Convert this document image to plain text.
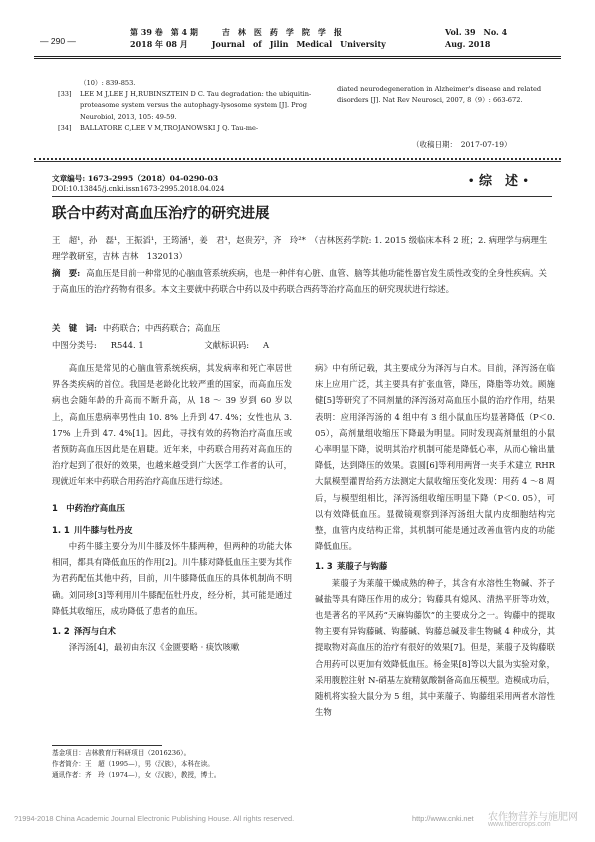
— 290 —
第 39 卷　第 4 期　　　	吉　林　医　药　学　院　学　报
2018 年 08 月　　　	Journal　of　Jilin　Medical　University
Vol. 39　No. 4
Aug. 2018
（10）: 839-853.
[33] LEE M J,LEE J H,RUBINSZTEIN D C. Tau degradation: the ubiquitin-proteasome system versus the autophagy-lysosome system [J]. Prog Neurobiol, 2013, 105: 49-59.
[34] BALLATORE C,LEE V M,TROJANOWSKI J Q. Tau-me-
diated neurodegeneration in Alzheimer's disease and related disorders [J]. Nat Rev Neurosci, 2007, 8（9）: 663-672.
（收稿日期：　2017-07-19）
文章编号: 1673-2995（2018）04-0290-03
DOI:10.13845/j.cnki.issn1673-2995.2018.04.024
• 综　述 •
联合中药对高血压治疗的研究进展
王　超¹，孙　磊¹，王振滔¹，王筠涵¹，姜　君¹，赵贵芳²，齐　玲²*　（吉林医药学院: 1. 2015 级临床本科 2 班；2. 病理学与病理生理学教研室，吉林 吉林　132013）
摘　要: 高血压是目前一种常见的心脑血管系统疾病，也是一种伴有心脏、血管、脑等其他功能性器官发生质性改变的全身性疾病。关于高血压的治疗药物有很多。本文主要就中药联合中药以及中药联合西药等治疗高血压的研究现状进行综述。
关　键　词: 中药联合；中西药联合；高血压
中图分类号: R544. 1	文献标识码: A

高血压是常见的心脑血管系统疾病，其发病率和死亡率居世界各类疾病的首位。我国是老龄化比较严重的国家，而高血压发病也会随年龄的升高而不断升高，从 18 ～ 39 岁到 60 岁以上，高血压患病率男性由 10. 8% 上升到 47. 4%；女性也从 3. 17% 上升到 47. 4%[1]。因此，寻找有效的药物治疗高血压或者预防高血压因此是在眉睫。近年来，中药联合用药对高血压的治疗起到了很好的效果，也越来越受到广大医学工作者的认可，现就近年来中药联合用药治疗高血压进行综述。

1　中药治疗高血压
1. 1 川牛膝与牡丹皮

中药牛膝主要分为川牛膝及怀牛膝两种，但两种的功能大体相同，都具有降低血压的作用[2]。川牛膝对降低血压主要为其作为君药配伍其他中药，目前，川牛膝降低血压的具体机制尚不明确。刘同珍[3]等利用川牛膝配伍牡丹皮，经分析，其可能是通过降低其收缩压，成功降低了患者的血压。

1. 2 泽泻与白术

泽泻汤[4]，最初由东汉《金匮要略 · 痰饮咳嗽

病》中有所记载，其主要成分为泽泻与白术。目前，泽泻汤在临床上应用广泛，其主要具有扩张血管，降压，降脂等功效。顾施健[5]等研究了不同剂量的泽泻汤对高血压小鼠的治疗作用，结果表明：应用泽泻汤的 4 组中有 3 组小鼠血压均显著降低（P＜0. 05），高剂量组收缩压下降最为明显。同时发现高剂量组的小鼠心率明显下降，说明其治疗机制可能是降低心率，从而心输出量降低，达到降压的效果。袁圆[6]等利用两肾一夹手术建立 RHR 大鼠模型灌胃给药方法测定大鼠收缩压变化发现：用药 4 ～8 周后，与模型组相比，泽泻汤组收缩压明显下降（P＜0. 05），可以有效降低血压。显微镜观察到泽泻汤组大鼠内皮细胞结构完整，血管内皮结构正常，其机制可能是通过改善血管内皮的功能降低血压。

1. 3 莱菔子与钩藤

莱菔子为莱菔干燥成熟的种子，其含有水溶性生物碱、芥子碱盐等具有降压作用的成分；钩藤具有熄风、清热平肝等功效，也是著名的平风药“天麻钩藤饮”的主要成分之一。钩藤中的提取物主要有异钩藤碱、钩藤碱、钩藤总碱及非生物碱 4 种成分，其提取物对高血压的治疗有很好的效果[7]。但是，莱菔子及钩藤联合用药可以更加有效降低血压。杨金果[8]等以大鼠为实验对象，采用腹腔注射 N-硝基左旋精氨酸制备高血压模型。造模成功后，随机将实验大鼠分为 5 组，其中莱菔子、钩藤组采用两者水溶性生物

基金项目：吉林教育厅科研项目（2016236）。
作者简介：王　超（1995—），男（汉族），本科在读。
通讯作者：齐　玲（1974—），女（汉族），教授，博士。
?1994-2018 China Academic Journal Electronic Publishing House. All rights reserved.	http://www.cnki.net 农作物营养与施肥网
www.fibercrops.com
